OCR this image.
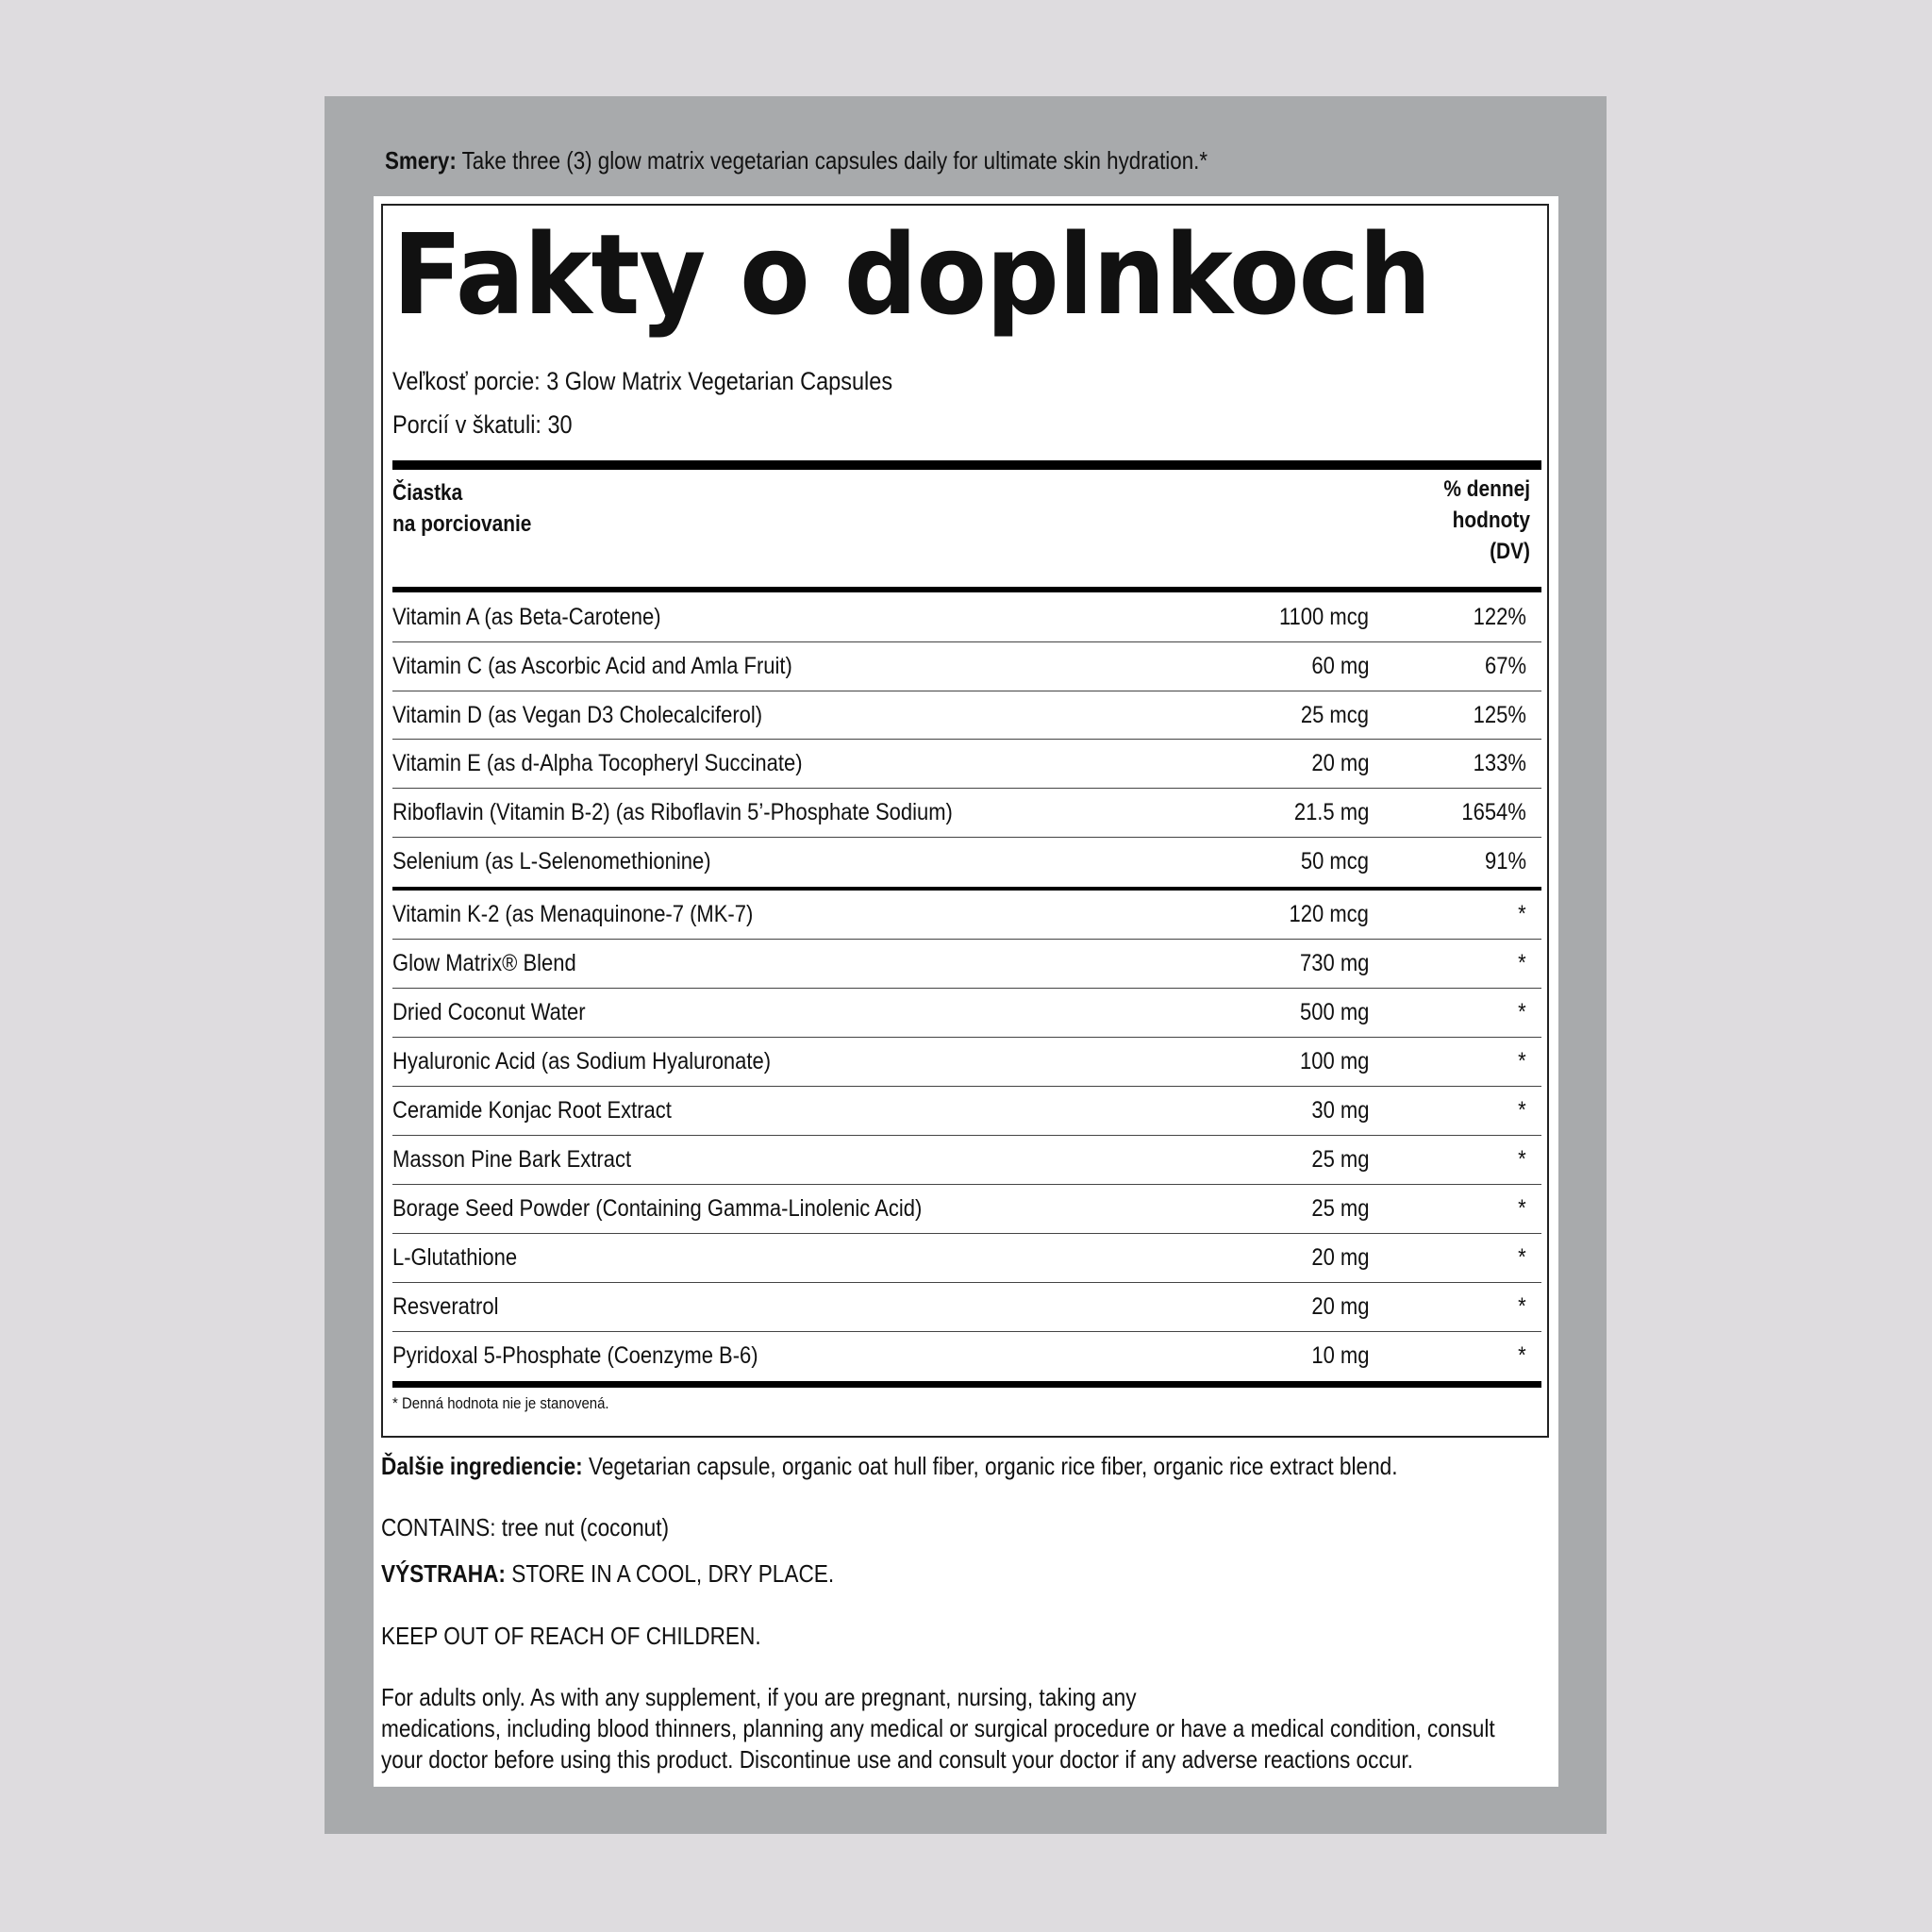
Smery: Take three (3) glow matrix vegetarian capsules daily for ultimate skin hydration.*
Fakty o doplnkoch
Veľkosť porcie: 3 Glow Matrix Vegetarian Capsules
Porcií v škatuli: 30
Čiastka
na porciovanie
% dennej
hodnoty
(DV)
Vitamin A (as Beta-Carotene)	1100 mcg	122%
Vitamin C (as Ascorbic Acid and Amla Fruit)	60 mg	67%
Vitamin D (as Vegan D3 Cholecalciferol)	25 mcg	125%
Vitamin E (as d-Alpha Tocopheryl Succinate)	20 mg	133%
Riboflavin (Vitamin B-2) (as Riboflavin 5’-Phosphate Sodium)	21.5 mg	1654%
Selenium (as L-Selenomethionine)	50 mcg	91%
Vitamin K-2 (as Menaquinone-7 (MK-7)	120 mcg	*
Glow Matrix® Blend	730 mg	*
Dried Coconut Water	500 mg	*
Hyaluronic Acid (as Sodium Hyaluronate)	100 mg	*
Ceramide Konjac Root Extract	30 mg	*
Masson Pine Bark Extract	25 mg	*
Borage Seed Powder (Containing Gamma-Linolenic Acid)	25 mg	*
L-Glutathione	20 mg	*
Resveratrol	20 mg	*
Pyridoxal 5-Phosphate (Coenzyme B-6)	10 mg	*
* Denná hodnota nie je stanovená.
Ďalšie ingrediencie: Vegetarian capsule, organic oat hull fiber, organic rice fiber, organic rice extract blend.
CONTAINS: tree nut (coconut)
VÝSTRAHA: STORE IN A COOL, DRY PLACE.
KEEP OUT OF REACH OF CHILDREN.
For adults only. As with any supplement, if you are pregnant, nursing, taking any
medications, including blood thinners, planning any medical or surgical procedure or have a medical condition, consult
your doctor before using this product. Discontinue use and consult your doctor if any adverse reactions occur.
